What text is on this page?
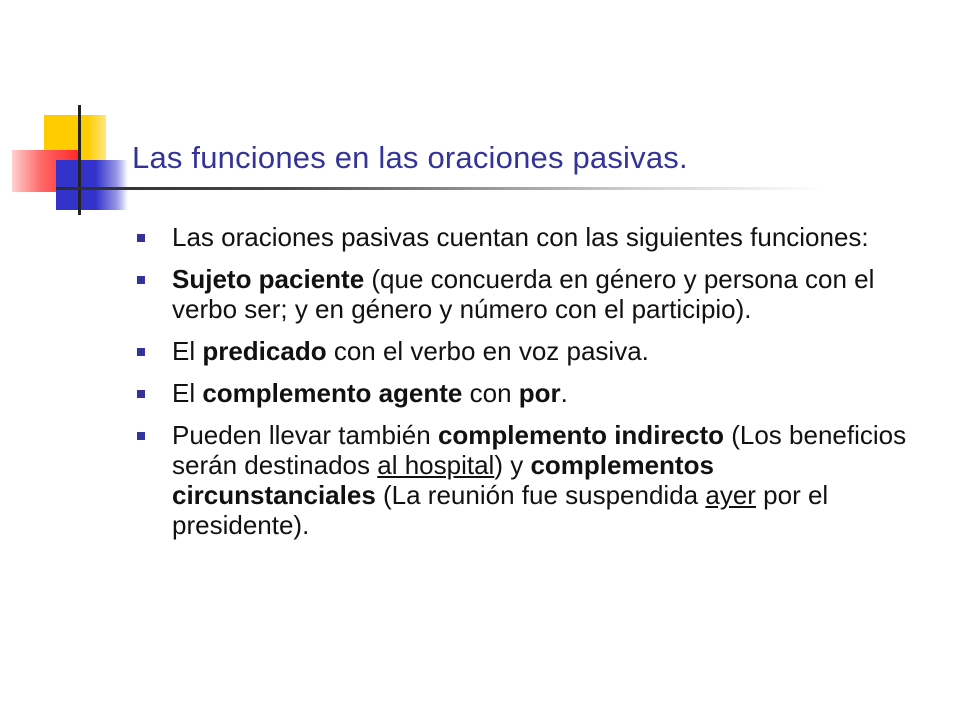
Las funciones en las oraciones pasivas.
Las oraciones pasivas cuentan con las siguientes funciones:
Sujeto paciente (que concuerda en género y persona con el verbo ser; y en género y número con el participio).
El predicado con el verbo en voz pasiva.
El complemento agente con por.
Pueden llevar también complemento indirecto (Los beneficios serán destinados al hospital) y complementos circunstanciales (La reunión fue suspendida ayer por el presidente).
